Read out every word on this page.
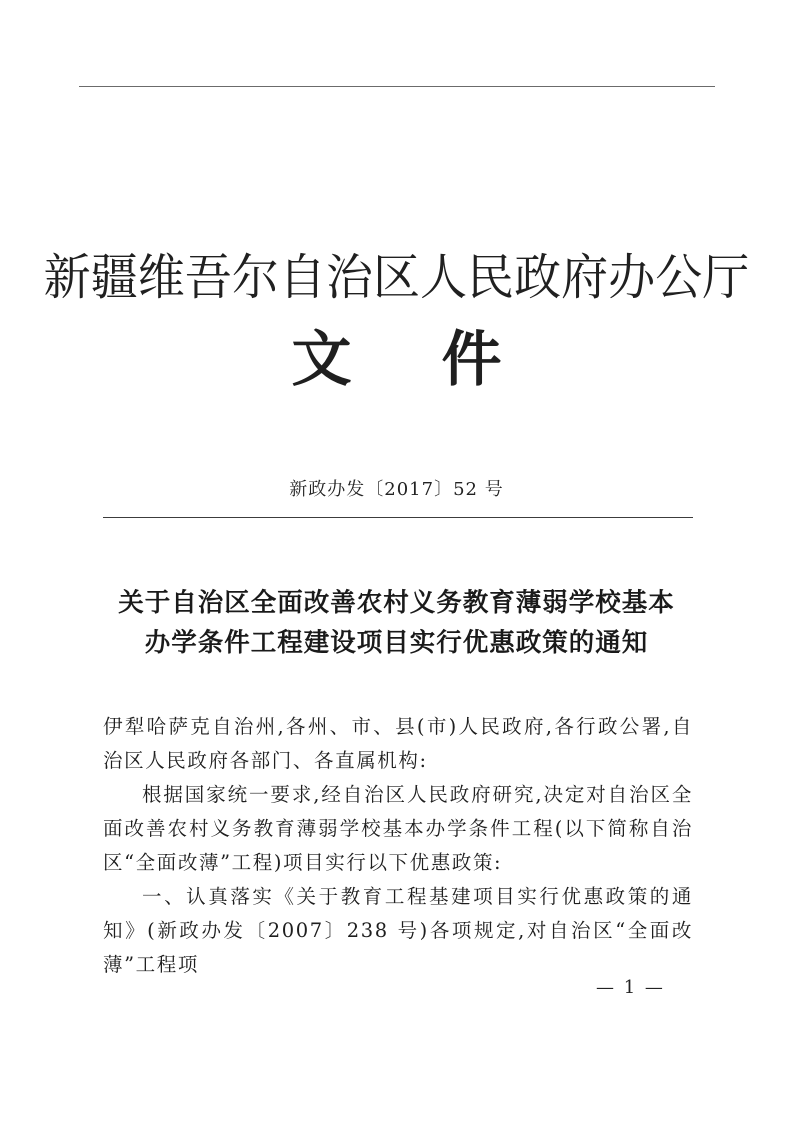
新疆维吾尔自治区人民政府办公厅
文 件
新政办发〔2017〕52 号
关于自治区全面改善农村义务教育薄弱学校基本
办学条件工程建设项目实行优惠政策的通知

伊犁哈萨克自治州,各州、市、县(市)人民政府,各行政公署,自治区人民政府各部门、各直属机构:

根据国家统一要求,经自治区人民政府研究,决定对自治区全面改善农村义务教育薄弱学校基本办学条件工程(以下简称自治区“全面改薄”工程)项目实行以下优惠政策:

一、认真落实《关于教育工程基建项目实行优惠政策的通知》(新政办发〔2007〕238 号)各项规定,对自治区“全面改薄”工程项

— 1 —
